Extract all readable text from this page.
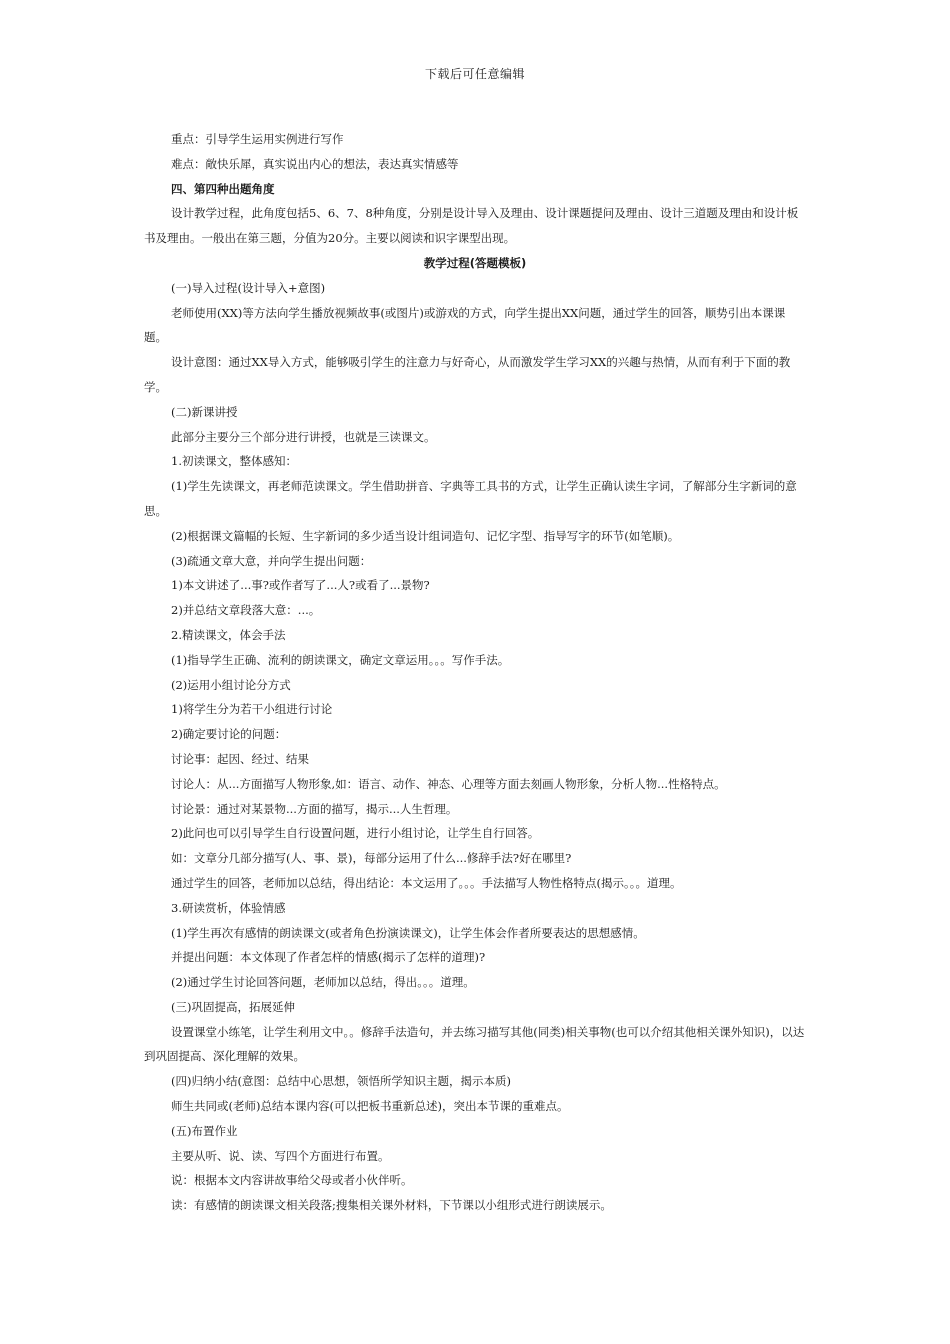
下载后可任意编辑

重点：引导学生运用实例进行写作

难点：敞快乐犀，真实说出内心的想法，表达真实情感等

四、第四种出题角度

设计教学过程，此角度包括5、6、7、8种角度，分别是设计导入及理由、设计课题提问及理由、设计三道题及理由和设计板书及理由。一般出在第三题，分值为20分。主要以阅读和识字课型出现。

教学过程(答题模板)

(一)导入过程(设计导入+意图)

老师使用(XX)等方法向学生播放视频故事(或图片)或游戏的方式，向学生提出XX问题，通过学生的回答，顺势引出本课课题。

设计意图：通过XX导入方式，能够吸引学生的注意力与好奇心，从而激发学生学习XX的兴趣与热情，从而有利于下面的教学。

(二)新课讲授

此部分主要分三个部分进行讲授，也就是三读课文。

1.初读课文，整体感知：

(1)学生先读课文，再老师范读课文。学生借助拼音、字典等工具书的方式，让学生正确认读生字词，了解部分生字新词的意思。

(2)根据课文篇幅的长短、生字新词的多少适当设计组词造句、记忆字型、指导写字的环节(如笔顺)。

(3)疏通文章大意，并向学生提出问题：

1)本文讲述了...事?或作者写了...人?或看了...景物?

2)并总结文章段落大意：...。

2.精读课文，体会手法

(1)指导学生正确、流利的朗读课文，确定文章运用。。。写作手法。

(2)运用小组讨论分方式

1)将学生分为若干小组进行讨论

2)确定要讨论的问题：

讨论事：起因、经过、结果

讨论人：从...方面描写人物形象,如：语言、动作、神态、心理等方面去刻画人物形象，分析人物...性格特点。

讨论景：通过对某景物...方面的描写，揭示...人生哲理。

2)此问也可以引导学生自行设置问题，进行小组讨论，让学生自行回答。

如：文章分几部分描写(人、事、景)，每部分运用了什么...修辞手法?好在哪里?

通过学生的回答，老师加以总结，得出结论：本文运用了。。。手法描写人物性格特点(揭示。。。道理。

3.研读赏析，体验情感

(1)学生再次有感情的朗读课文(或者角色扮演读课文)，让学生体会作者所要表达的思想感情。

并提出问题：本文体现了作者怎样的情感(揭示了怎样的道理)?

(2)通过学生讨论回答问题，老师加以总结，得出。。。道理。

(三)巩固提高，拓展延伸

设置课堂小练笔，让学生利用文中。。修辞手法造句，并去练习描写其他(同类)相关事物(也可以介绍其他相关课外知识)，以达到巩固提高、深化理解的效果。

(四)归纳小结(意图：总结中心思想，领悟所学知识主题，揭示本质)

师生共同或(老师)总结本课内容(可以把板书重新总述)，突出本节课的重难点。

(五)布置作业

主要从听、说、读、写四个方面进行布置。

说：根据本文内容讲故事给父母或者小伙伴听。

读：有感情的朗读课文相关段落;搜集相关课外材料，下节课以小组形式进行朗读展示。
